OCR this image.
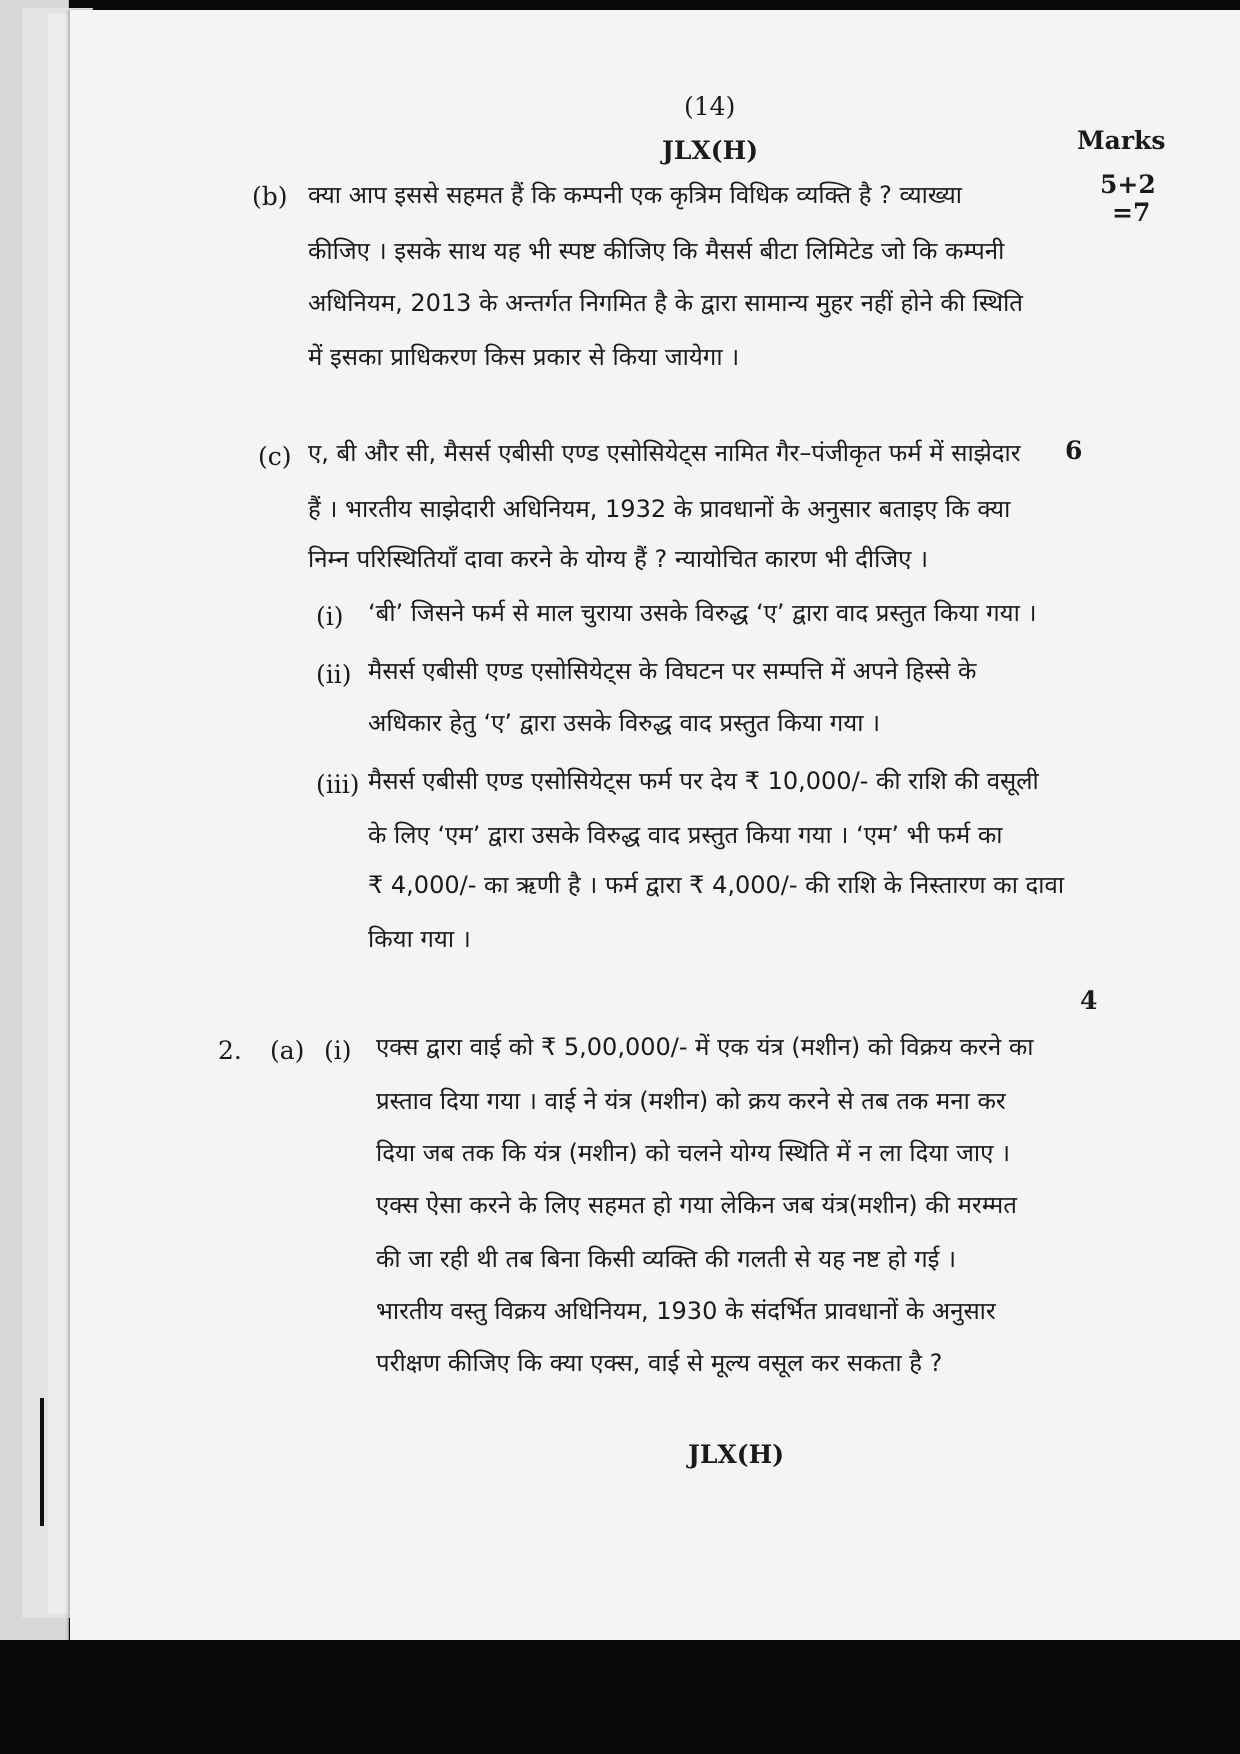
(14)
JLX(H)	Marks
(b)	5+2
=7
क्या आप इससे सहमत हैं कि कम्पनी एक कृत्रिम विधिक व्यक्ति है ? व्याख्या
कीजिए । इसके साथ यह भी स्पष्ट कीजिए कि मैसर्स बीटा लिमिटेड जो कि कम्पनी
अधिनियम, 2013 के अन्तर्गत निगमित है के द्वारा सामान्य मुहर नहीं होने की स्थिति
में इसका प्राधिकरण किस प्रकार से किया जायेगा ।
(c)	6
ए, बी और सी, मैसर्स एबीसी एण्ड एसोसियेट्स नामित गैर–पंजीकृत फर्म में साझेदार
हैं । भारतीय साझेदारी अधिनियम, 1932 के प्रावधानों के अनुसार बताइए कि क्या
निम्न परिस्थितियाँ दावा करने के योग्य हैं ? न्यायोचित कारण भी दीजिए ।
(i) ‘बी’ जिसने फर्म से माल चुराया उसके विरुद्ध ‘ए’ द्वारा वाद प्रस्तुत किया गया ।
(ii) मैसर्स एबीसी एण्ड एसोसियेट्स के विघटन पर सम्पत्ति में अपने हिस्से के
अधिकार हेतु ‘ए’ द्वारा उसके विरुद्ध वाद प्रस्तुत किया गया ।
(iii) मैसर्स एबीसी एण्ड एसोसियेट्स फर्म पर देय ₹ 10,000/- की राशि की वसूली
के लिए ‘एम’ द्वारा उसके विरुद्ध वाद प्रस्तुत किया गया । ‘एम’ भी फर्म का
₹ 4,000/- का ऋणी है । फर्म द्वारा ₹ 4,000/- की राशि के निस्तारण का दावा
किया गया ।
2. (a) (i)
4
एक्स द्वारा वाई को ₹ 5,00,000/- में एक यंत्र (मशीन) को विक्रय करने का
प्रस्ताव दिया गया । वाई ने यंत्र (मशीन) को क्रय करने से तब तक मना कर
दिया जब तक कि यंत्र (मशीन) को चलने योग्य स्थिति में न ला दिया जाए ।
एक्स ऐसा करने के लिए सहमत हो गया लेकिन जब यंत्र(मशीन) की मरम्मत
की जा रही थी तब बिना किसी व्यक्ति की गलती से यह नष्ट हो गई ।
भारतीय वस्तु विक्रय अधिनियम, 1930 के संदर्भित प्रावधानों के अनुसार
परीक्षण कीजिए कि क्या एक्स, वाई से मूल्य वसूल कर सकता है ?
JLX(H)
